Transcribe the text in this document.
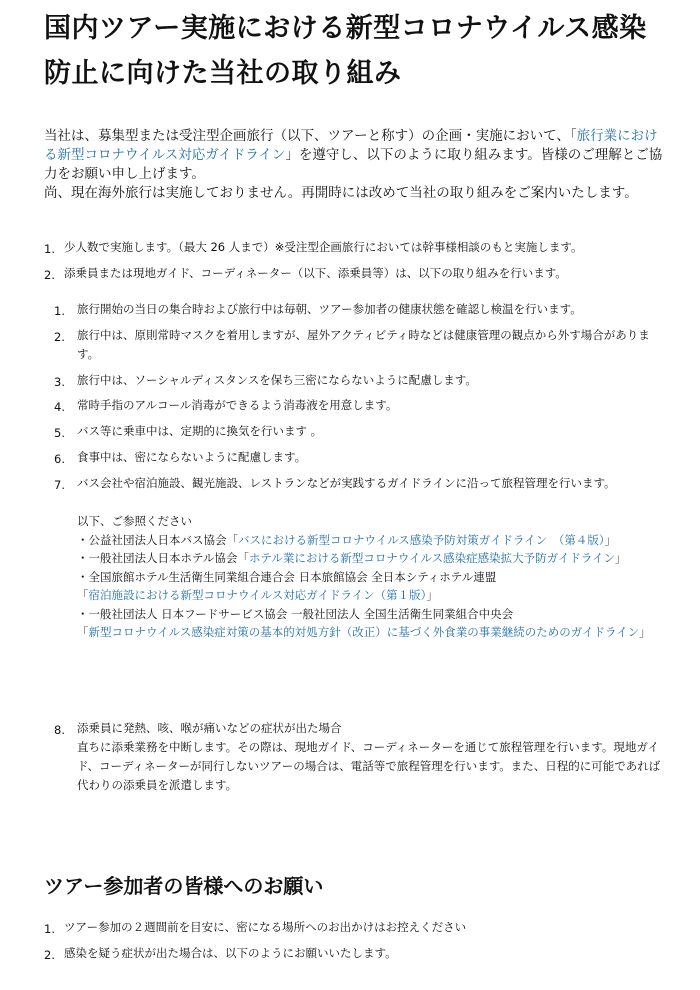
国内ツアー実施における新型コロナウイルス感染防止に向けた当社の取り組み

当社は、募集型または受注型企画旅行（以下、ツアーと称す）の企画・実施において、「旅行業における新型コロナウイルス対応ガイドライン」を遵守し、以下のように取り組みます。皆様のご理解とご協力をお願い申し上げます。

尚、現在海外旅行は実施しておりません。再開時には改めて当社の取り組みをご案内いたします。

1. 少人数で実施します。（最大 26 人まで）※受注型企画旅行においては幹事様相談のもと実施します。
2. 添乗員または現地ガイド、コーディネーター（以下、添乗員等）は、以下の取り組みを行います。
1. 旅行開始の当日の集合時および旅行中は毎朝、ツアー参加者の健康状態を確認し検温を行います。
2. 旅行中は、原則常時マスクを着用しますが、屋外アクティビティ時などは健康管理の観点から外す場合があります。
3. 旅行中は、ソーシャルディスタンスを保ち三密にならないように配慮します。
4. 常時手指のアルコール消毒ができるよう消毒液を用意します。
5. バス等に乗車中は、定期的に換気を行います 。
6. 食事中は、密にならないように配慮します。
7. バス会社や宿泊施設、観光施設、レストランなどが実践するガイドラインに沿って旅程管理を行います。
以下、ご参照ください
・公益社団法人日本バス協会「バスにおける新型コロナウイルス感染予防対策ガイドライン　（第４版）」
・一般社団法人日本ホテル協会「ホテル業における新型コロナウイルス感染症感染拡大予防ガイドライン」
・全国旅館ホテル生活衛生同業組合連合会 日本旅館協会 全日本シティホテル連盟
「宿泊施設における新型コロナウイルス対応ガイドライン（第１版）」
・一般社団法人 日本フードサービス協会 一般社団法人 全国生活衛生同業組合中央会
「新型コロナウイルス感染症対策の基本的対処方針（改正）に基づく外食業の事業継続のためのガイドライン」
8. 添乗員に発熱、咳、喉が痛いなどの症状が出た場合
直ちに添乗業務を中断します。その際は、現地ガイド、コーディネーターを通じて旅程管理を行います。現地ガイド、コーディネーターが同行しないツアーの場合は、電話等で旅程管理を行います。また、日程的に可能であれば代わりの添乗員を派遣します。
ツアー参加者の皆様へのお願い
1. ツアー参加の２週間前を目安に、密になる場所へのお出かけはお控えください
2. 感染を疑う症状が出た場合は、以下のようにお願いいたします。
